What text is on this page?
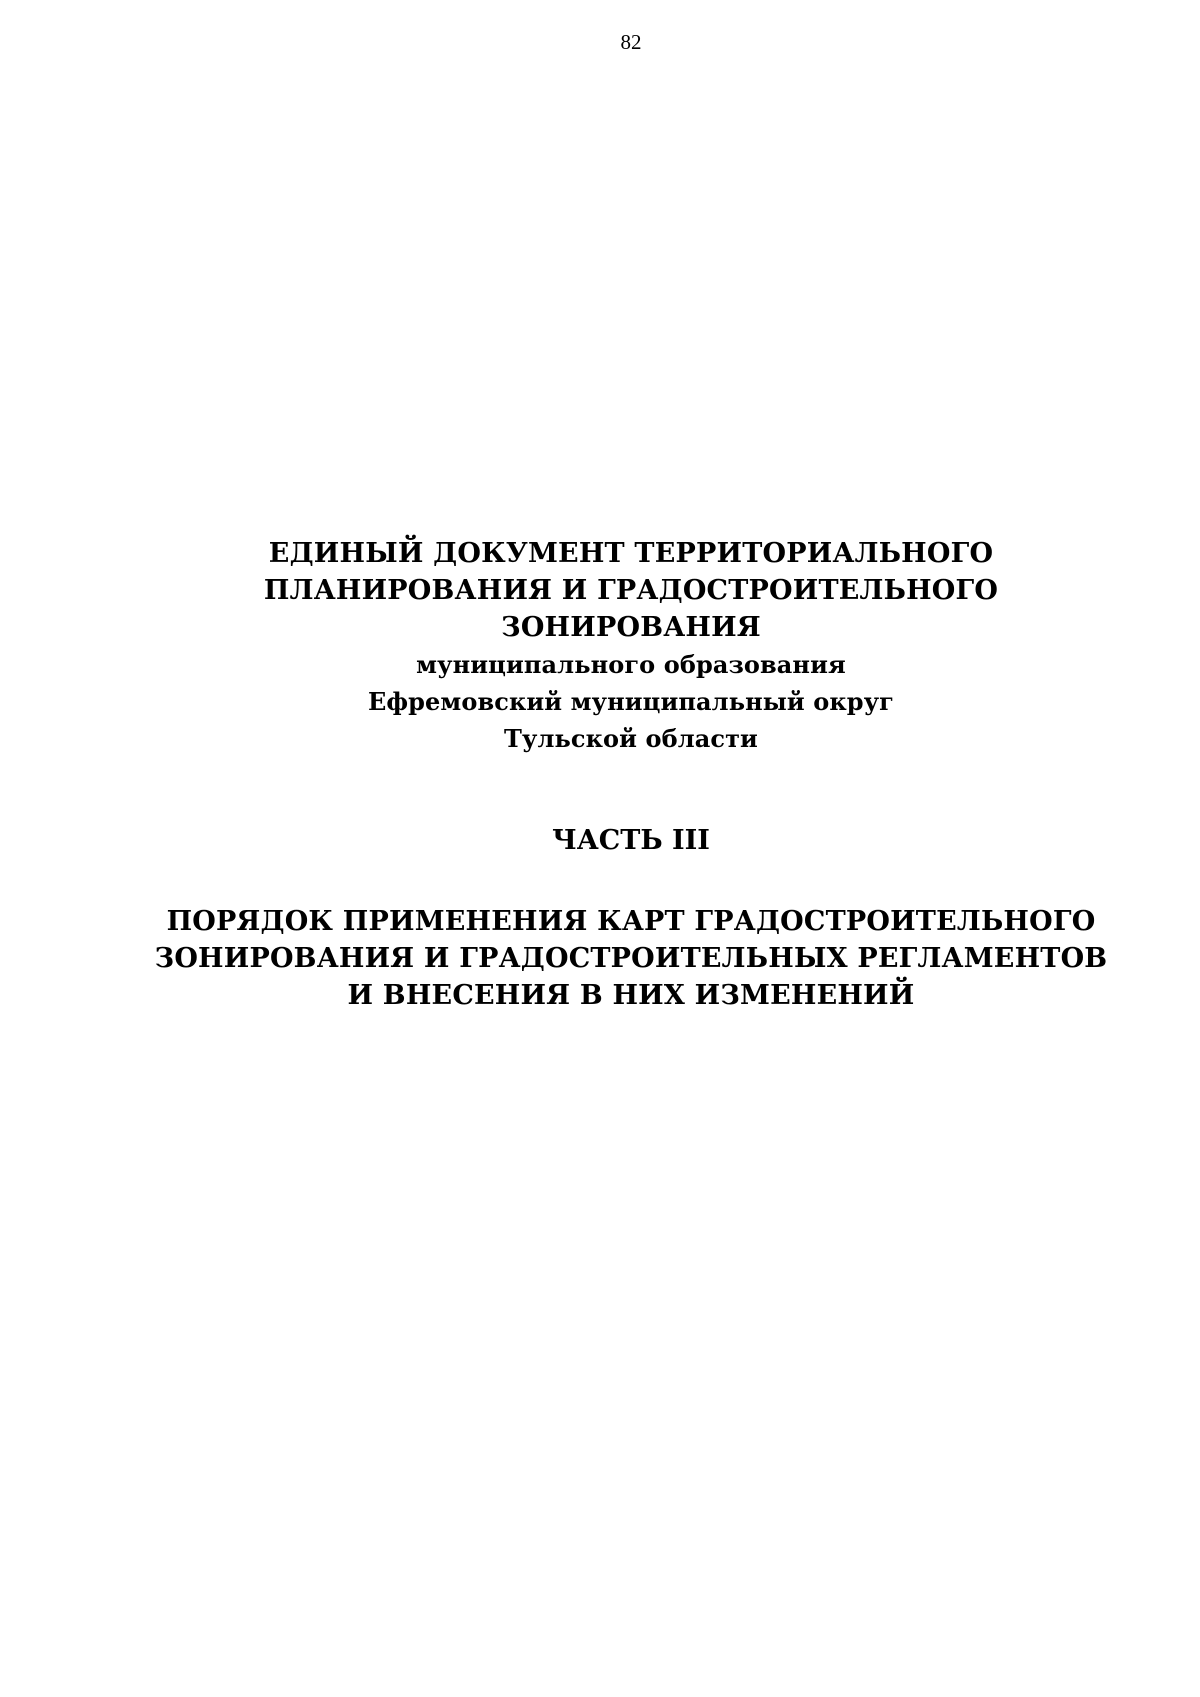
82
ЕДИНЫЙ ДОКУМЕНТ ТЕРРИТОРИАЛЬНОГО
ПЛАНИРОВАНИЯ И ГРАДОСТРОИТЕЛЬНОГО
ЗОНИРОВАНИЯ
муниципального образования
Ефремовский муниципальный округ
Тульской области
ЧАСТЬ III
ПОРЯДОК ПРИМЕНЕНИЯ КАРТ ГРАДОСТРОИТЕЛЬНОГО
ЗОНИРОВАНИЯ И ГРАДОСТРОИТЕЛЬНЫХ РЕГЛАМЕНТОВ
И ВНЕСЕНИЯ В НИХ ИЗМЕНЕНИЙ
